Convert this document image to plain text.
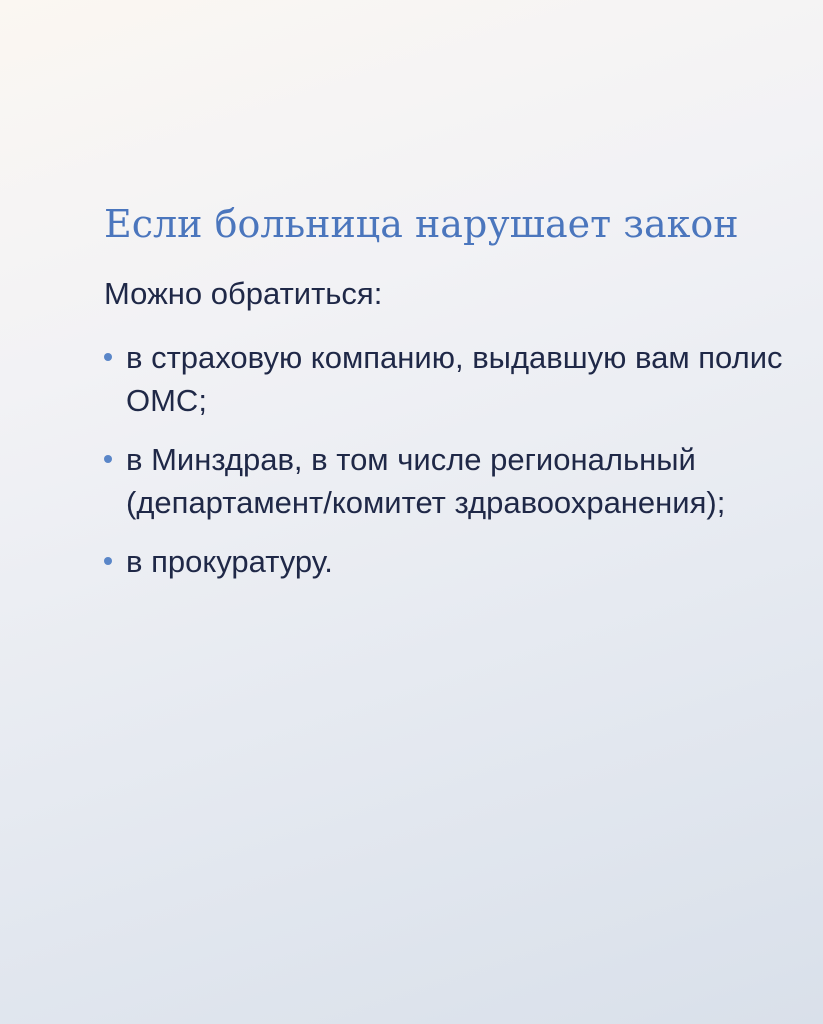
Если больница нарушает закон

Можно обратиться:

в страховую компанию, выдавшую вам полис ОМС;
в Минздрав, в том числе региональный (департамент/комитет здравоохранения);
в прокуратуру.
